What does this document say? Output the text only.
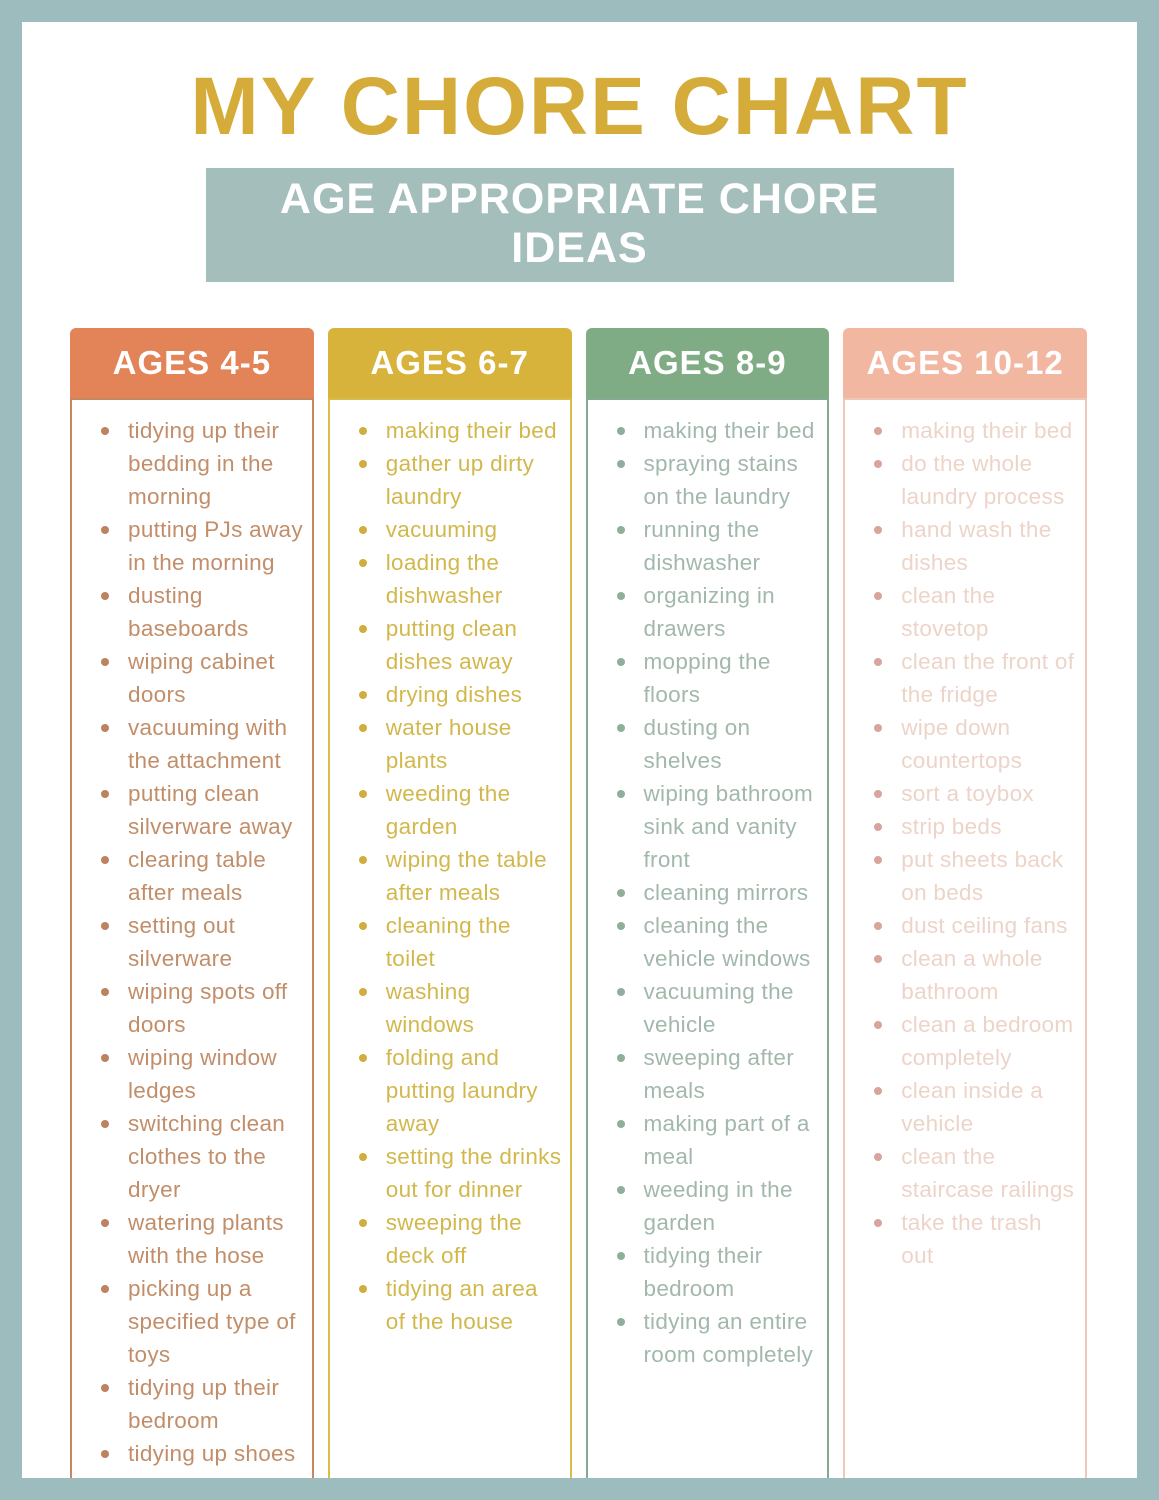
MY CHORE CHART
AGE APPROPRIATE CHORE IDEAS
AGES 4-5
tidying up their bedding in the morning
putting PJs away in the morning
dusting baseboards
wiping cabinet doors
vacuuming with the attachment
putting clean silverware away
clearing table after meals
setting out silverware
wiping spots off doors
wiping window ledges
switching clean clothes to the dryer
watering plants with the hose
picking up a specified type of toys
tidying up their bedroom
tidying up shoes
AGES 6-7
making their bed
gather up dirty laundry
vacuuming
loading the dishwasher
putting clean dishes away
drying dishes
water house plants
weeding the garden
wiping the table after meals
cleaning the toilet
washing windows
folding and putting laundry away
setting the drinks out for dinner
sweeping the deck off
tidying an area of the house
AGES 8-9
making their bed
spraying stains on the laundry
running the dishwasher
organizing in drawers
mopping the floors
dusting on shelves
wiping bathroom sink and vanity front
cleaning mirrors
cleaning the vehicle windows
vacuuming the vehicle
sweeping after meals
making part of a meal
weeding in the garden
tidying their bedroom
tidying an entire room completely
AGES 10-12
making their bed
do the whole laundry process
hand wash the dishes
clean the stovetop
clean the front of the fridge
wipe down countertops
sort a toybox
strip beds
put sheets back on beds
dust ceiling fans
clean a whole bathroom
clean a bedroom completely
clean inside a vehicle
clean the staircase railings
take the trash out
